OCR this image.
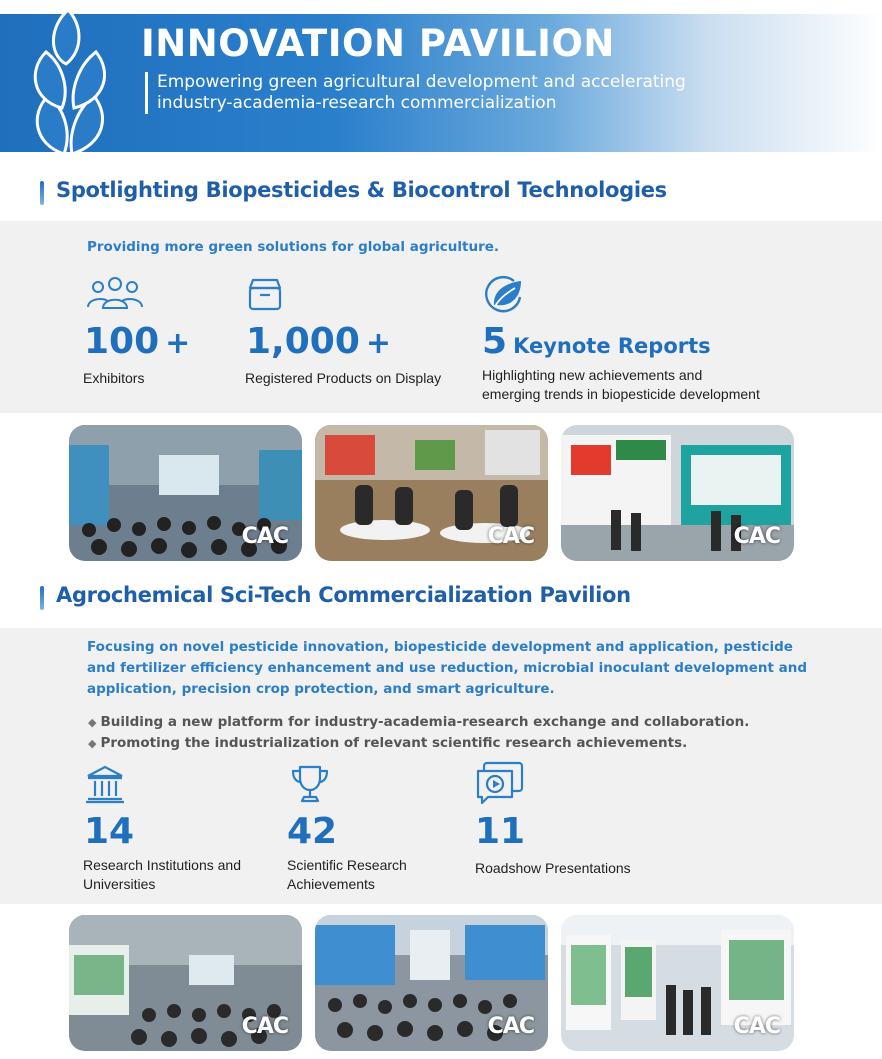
INNOVATION PAVILION
Empowering green agricultural development and accelerating
industry-academia-research commercialization
Spotlighting Biopesticides & Biocontrol Technologies
Providing more green solutions for global agriculture.
100 +
Exhibitors
1,000 +
Registered Products on Display
5 Keynote Reports
Highlighting new achievements and
emerging trends in biopesticide development
CAC	CAC	CAC
Agrochemical Sci-Tech Commercialization Pavilion
Focusing on novel pesticide innovation, biopesticide development and application, pesticide
and fertilizer efficiency enhancement and use reduction, microbial inoculant development and
application, precision crop protection, and smart agriculture.
◆ Building a new platform for industry-academia-research exchange and collaboration.
◆ Promoting the industrialization of relevant scientific research achievements.
14
Research Institutions and
Universities
42
Scientific Research
Achievements
11
Roadshow Presentations
CAC	CAC	CAC
